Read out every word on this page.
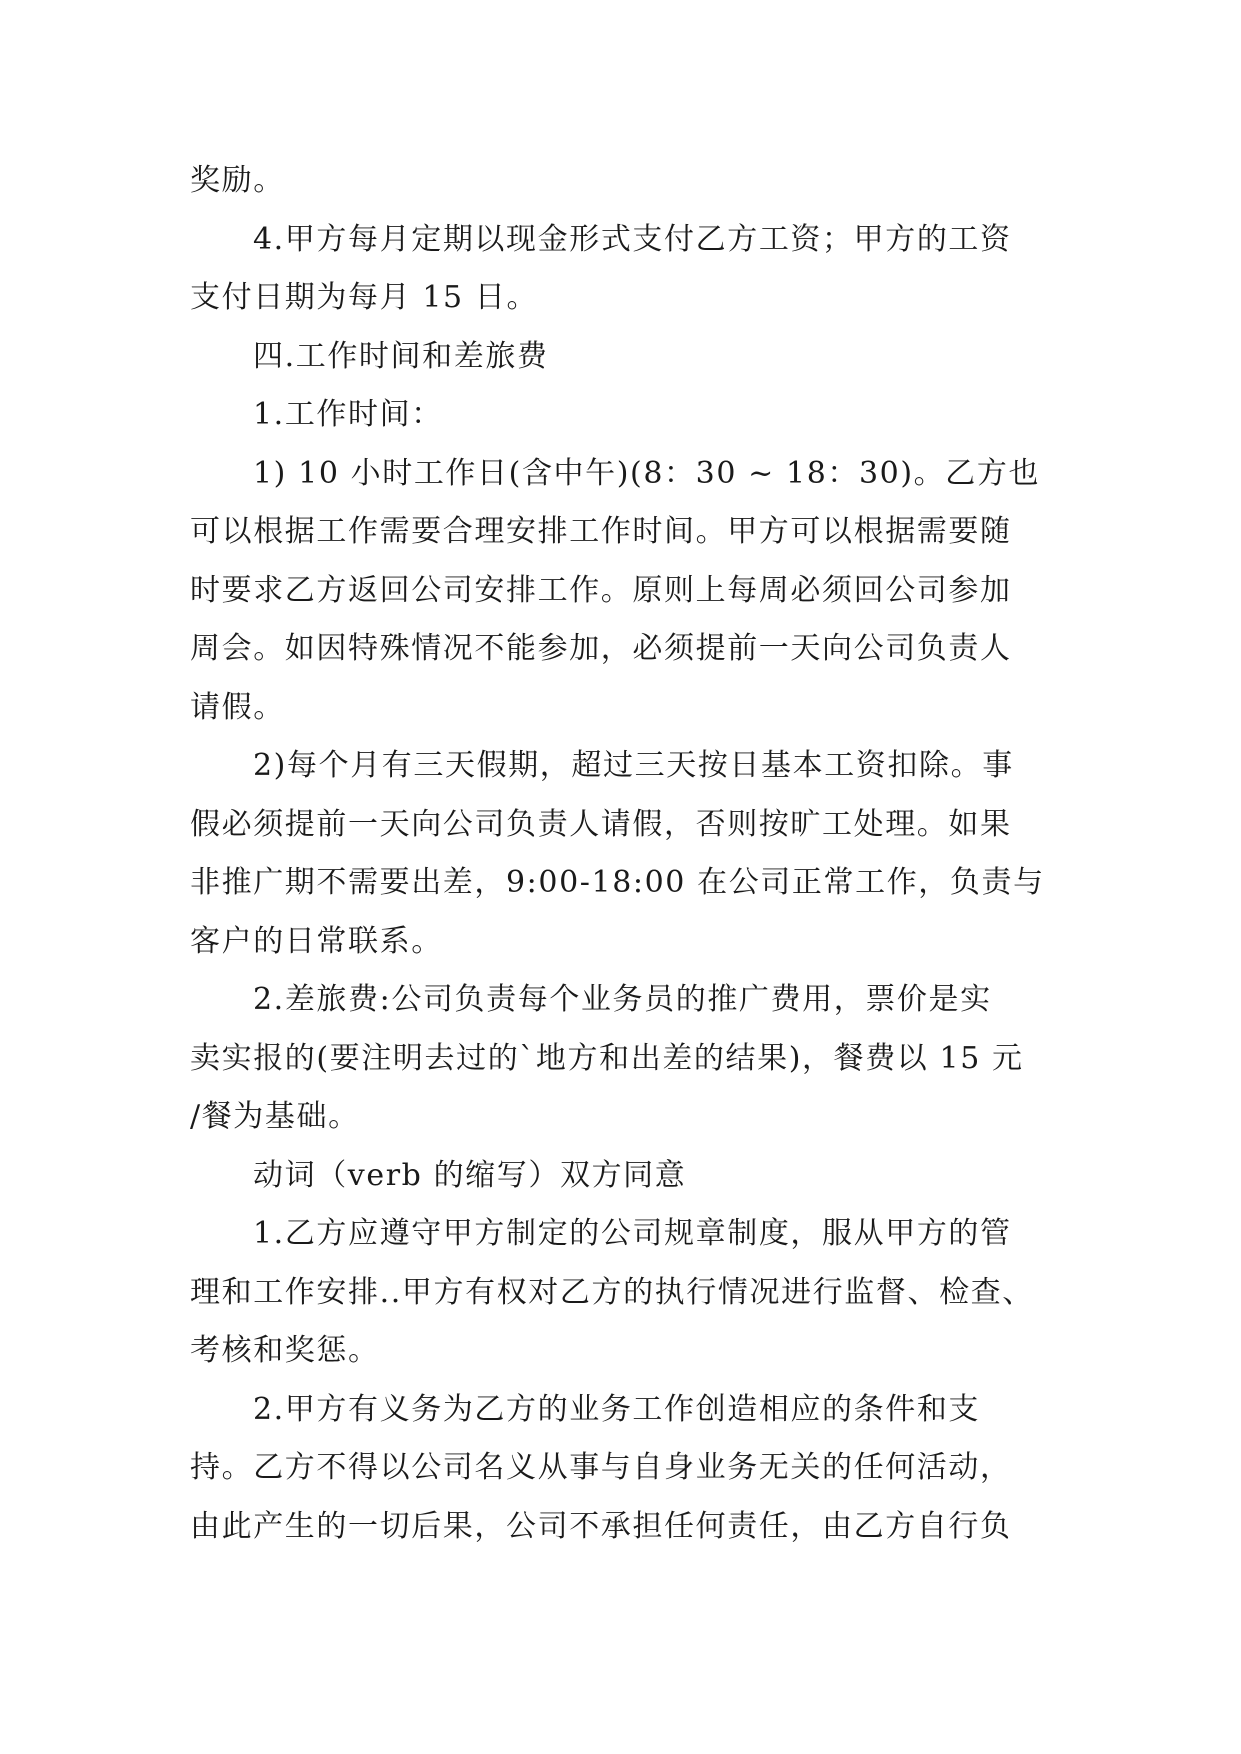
奖励。
4.甲方每月定期以现金形式支付乙方工资；甲方的工资
支付日期为每月 15 日。
四.工作时间和差旅费
1.工作时间：
1) 10 小时工作日(含中午)(8：30 ~ 18：30)。乙方也
可以根据工作需要合理安排工作时间。甲方可以根据需要随
时要求乙方返回公司安排工作。原则上每周必须回公司参加
周会。如因特殊情况不能参加，必须提前一天向公司负责人
请假。
2)每个月有三天假期，超过三天按日基本工资扣除。事
假必须提前一天向公司负责人请假，否则按旷工处理。如果
非推广期不需要出差，9:00-18:00 在公司正常工作，负责与
客户的日常联系。
2.差旅费:公司负责每个业务员的推广费用，票价是实
卖实报的(要注明去过的`地方和出差的结果)，餐费以 15 元
/餐为基础。
动词（verb 的缩写）双方同意
1.乙方应遵守甲方制定的公司规章制度，服从甲方的管
理和工作安排..甲方有权对乙方的执行情况进行监督、检查、
考核和奖惩。
2.甲方有义务为乙方的业务工作创造相应的条件和支
持。乙方不得以公司名义从事与自身业务无关的任何活动，
由此产生的一切后果，公司不承担任何责任，由乙方自行负
